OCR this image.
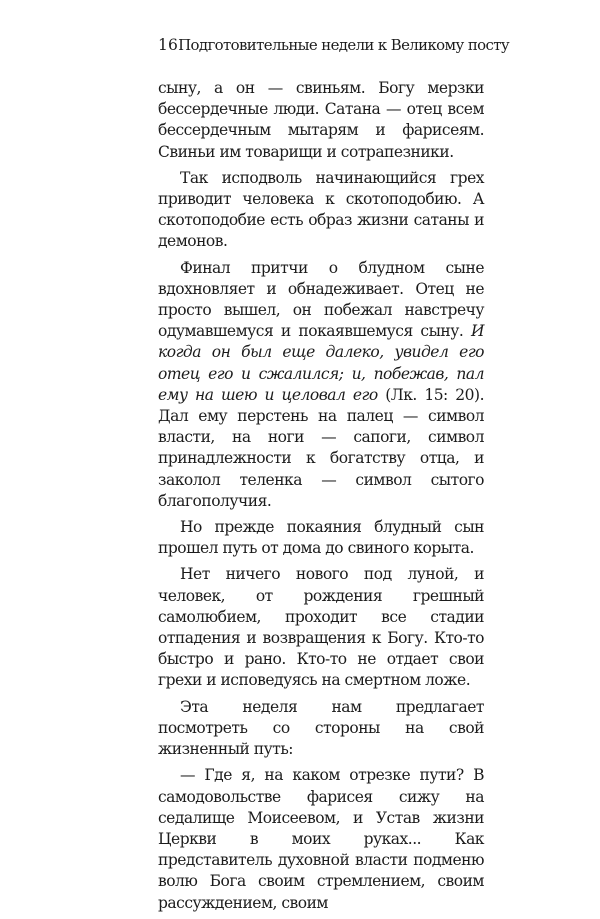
16 Подготовительные недели к Великому посту

сыну, а он — свиньям. Богу мерзки бессердечные люди. Сатана — отец всем бессердечным мытарям и фарисеям. Свиньи им товарищи и сотрапезники.

Так исподволь начинающийся грех приводит человека к скотоподобию. А скотоподобие есть образ жизни сатаны и демонов.

Финал притчи о блудном сыне вдохновляет и обнадеживает. Отец не просто вышел, он побежал навстречу одумавшемуся и покаявшемуся сыну. И когда он был еще далеко, увидел его отец его и сжалился; и, побежав, пал ему на шею и целовал его (Лк. 15: 20). Дал ему перстень на палец — символ власти, на ноги — сапоги, символ принадлежности к богатству отца, и заколол теленка — символ сытого благополучия.

Но прежде покаяния блудный сын прошел путь от дома до свиного корыта.

Нет ничего нового под луной, и человек, от рождения грешный самолюбием, проходит все стадии отпадения и возвращения к Богу. Кто-то быстро и рано. Кто-то не отдает свои грехи и исповедуясь на смертном ложе.

Эта неделя нам предлагает посмотреть со стороны на свой жизненный путь:

— Где я, на каком отрезке пути? В самодовольстве фарисея сижу на седалище Моисеевом, и Устав жизни Церкви в моих руках... Как представитель духовной власти подменю волю Бога своим стремлением, своим рассуждением, своим
